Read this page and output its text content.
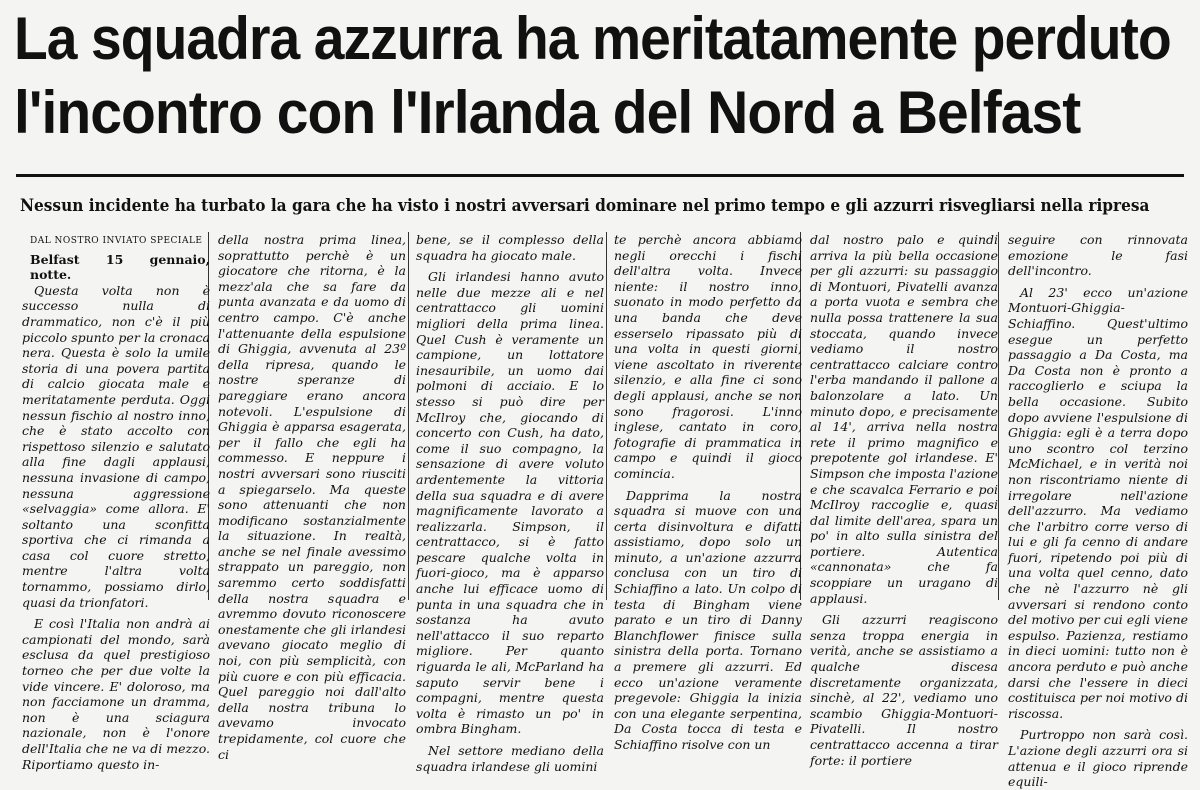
La squadra azzurra ha meritatamente perduto
l'incontro con l'Irlanda del Nord a Belfast
Nessun incidente ha turbato la gara che ha visto i nostri avversari dominare nel primo tempo e gli azzurri risvegliarsi nella ripresa
DAL NOSTRO INVIATO SPECIALE
Belfast 15 gennaio, notte.

Questa volta non è successo nulla di drammatico, non c'è il più piccolo spunto per la cronaca nera. Questa è solo la umile storia di una povera partita di calcio giocata male e meritatamente perduta. Oggi nessun fischio al nostro inno, che è stato accolto con rispettoso silenzio e salutato alla fine dagli applausi, nessuna invasione di campo, nessuna aggressione «selvaggia» come allora. E' soltanto una sconfitta sportiva che ci rimanda a casa col cuore stretto, mentre l'altra volta tornammo, possiamo dirlo, quasi da trionfatori.

E così l'Italia non andrà ai campionati del mondo, sarà esclusa da quel prestigioso torneo che per due volte la vide vincere. E' doloroso, ma non facciamone un dramma, non è una sciagura nazionale, non è l'onore dell'Italia che ne va di mezzo. Riportiamo questo in-

della nostra prima linea, soprattutto perchè è un giocatore che ritorna, è la mezz'ala che sa fare da punta avanzata e da uomo di centro campo. C'è anche l'attenuante della espulsione di Ghiggia, avvenuta al 23º della ripresa, quando le nostre speranze di pareggiare erano ancora notevoli. L'espulsione di Ghiggia è apparsa esagerata, per il fallo che egli ha commesso. E neppure i nostri avversari sono riusciti a spiegarselo. Ma queste sono attenuanti che non modificano sostanzialmente la situazione. In realtà, anche se nel finale avessimo strappato un pareggio, non saremmo certo soddisfatti della nostra squadra e avremmo dovuto riconoscere onestamente che gli irlandesi avevano giocato meglio di noi, con più semplicità, con più cuore e con più efficacia. Quel pareggio noi dall'alto della nostra tribuna lo avevamo invocato trepidamente, col cuore che ci

bene, se il complesso della squadra ha giocato male.

Gli irlandesi hanno avuto nelle due mezze ali e nel centrattacco gli uomini migliori della prima linea. Quel Cush è veramente un campione, un lottatore inesauribile, un uomo dai polmoni di acciaio. E lo stesso si può dire per McIlroy che, giocando di concerto con Cush, ha dato, come il suo compagno, la sensazione di avere voluto ardentemente la vittoria della sua squadra e di avere magnificamente lavorato a realizzarla. Simpson, il centrattacco, si è fatto pescare qualche volta in fuori-gioco, ma è apparso anche lui efficace uomo di punta in una squadra che in sostanza ha avuto nell'attacco il suo reparto migliore. Per quanto riguarda le ali, McParland ha saputo servir bene i compagni, mentre questa volta è rimasto un po' in ombra Bingham.

Nel settore mediano della squadra irlandese gli uomini

te perchè ancora abbiamo negli orecchi i fischi dell'altra volta. Invece niente: il nostro inno, suonato in modo perfetto da una banda che deve esserselo ripassato più di una volta in questi giorni, viene ascoltato in riverente silenzio, e alla fine ci sono degli applausi, anche se non sono fragorosi. L'inno inglese, cantato in coro, fotografie di prammatica in campo e quindi il gioco comincia.

Dapprima la nostra squadra si muove con una certa disinvoltura e difatti assistiamo, dopo solo un minuto, a un'azione azzurra conclusa con un tiro di Schiaffino a lato. Un colpo di testa di Bingham viene parato e un tiro di Danny Blanchflower finisce sulla sinistra della porta. Tornano a premere gli azzurri. Ed ecco un'azione veramente pregevole: Ghiggia la inizia con una elegante serpentina, Da Costa tocca di testa e Schiaffino risolve con un

dal nostro palo e quindi arriva la più bella occasione per gli azzurri: su passaggio di Montuori, Pivatelli avanza a porta vuota e sembra che nulla possa trattenere la sua stoccata, quando invece vediamo il nostro centrattacco calciare contro l'erba mandando il pallone a balonzolare a lato. Un minuto dopo, e precisamente al 14', arriva nella nostra rete il primo magnifico e prepotente gol irlandese. E' Simpson che imposta l'azione e che scavalca Ferrario e poi McIlroy raccoglie e, quasi dal limite dell'area, spara un po' in alto sulla sinistra del portiere. Autentica «cannonata» che fa scoppiare un uragano di applausi.

Gli azzurri reagiscono senza troppa energia in verità, anche se assistiamo a qualche discesa discretamente organizzata, sinchè, al 22', vediamo uno scambio Ghiggia-Montuori-Pivatelli. Il nostro centrattacco accenna a tirar forte: il portiere

seguire con rinnovata emozione le fasi dell'incontro.

Al 23' ecco un'azione Montuori-Ghiggia-Schiaffino. Quest'ultimo esegue un perfetto passaggio a Da Costa, ma Da Costa non è pronto a raccoglierlo e sciupa la bella occasione. Subito dopo avviene l'espulsione di Ghiggia: egli è a terra dopo uno scontro col terzino McMichael, e in verità noi non riscontriamo niente di irregolare nell'azione dell'azzurro. Ma vediamo che l'arbitro corre verso di lui e gli fa cenno di andare fuori, ripetendo poi più di una volta quel cenno, dato che nè l'azzurro nè gli avversari si rendono conto del motivo per cui egli viene espulso. Pazienza, restiamo in dieci uomini: tutto non è ancora perduto e può anche darsi che l'essere in dieci costituisca per noi motivo di riscossa.

Purtroppo non sarà così. L'azione degli azzurri ora si attenua e il gioco riprende equili-
